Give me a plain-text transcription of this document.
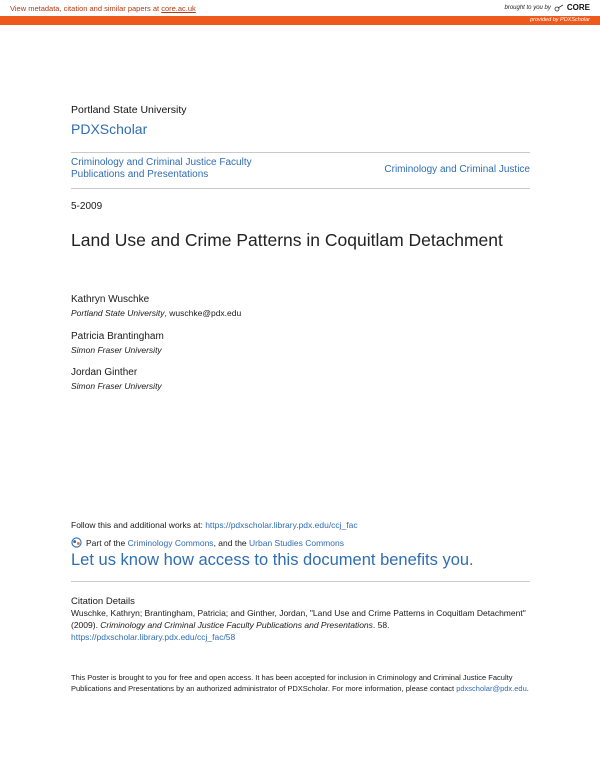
View metadata, citation and similar papers at core.ac.uk	brought to you by CORE
provided by PDXScholar
Portland State University
PDXScholar
Criminology and Criminal Justice Faculty Publications and Presentations	Criminology and Criminal Justice
5-2009
Land Use and Crime Patterns in Coquitlam Detachment
Kathryn Wuschke
Portland State University, wuschke@pdx.edu
Patricia Brantingham
Simon Fraser University
Jordan Ginther
Simon Fraser University
Follow this and additional works at: https://pdxscholar.library.pdx.edu/ccj_fac
Part of the Criminology Commons, and the Urban Studies Commons
Let us know how access to this document benefits you.
Citation Details
Wuschke, Kathryn; Brantingham, Patricia; and Ginther, Jordan, "Land Use and Crime Patterns in Coquitlam Detachment" (2009). Criminology and Criminal Justice Faculty Publications and Presentations. 58.
https://pdxscholar.library.pdx.edu/ccj_fac/58
This Poster is brought to you for free and open access. It has been accepted for inclusion in Criminology and Criminal Justice Faculty Publications and Presentations by an authorized administrator of PDXScholar. For more information, please contact pdxscholar@pdx.edu.
